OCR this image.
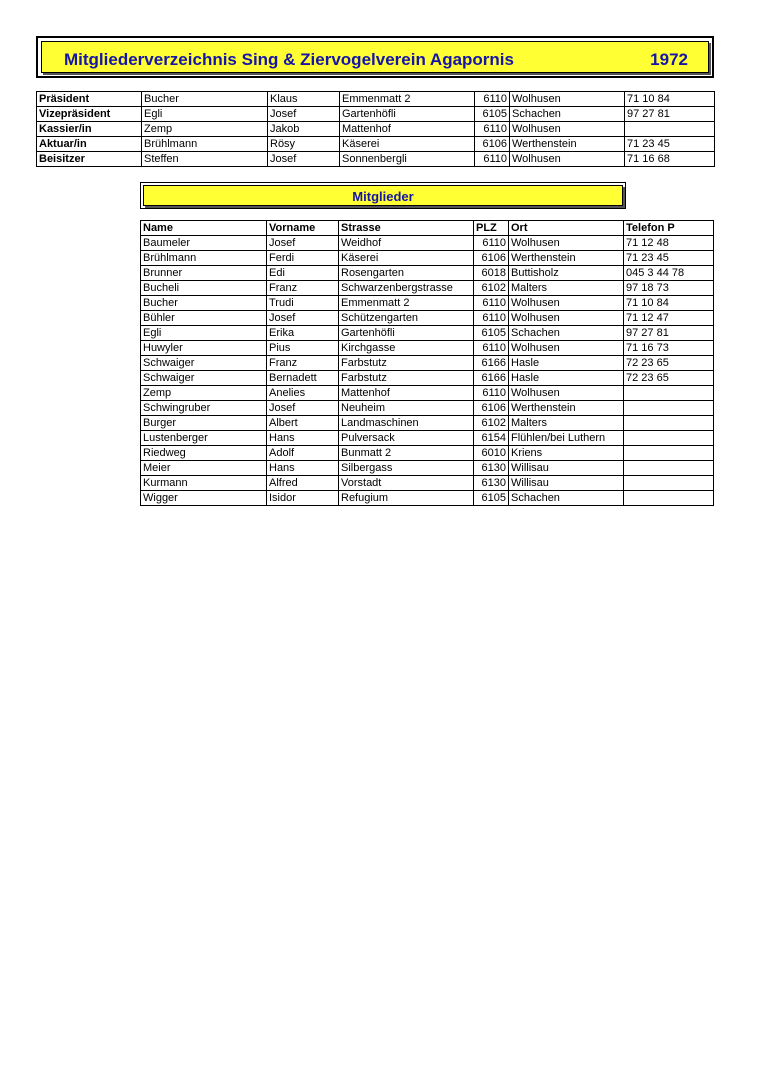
Mitgliederverzeichnis Sing & Ziervogelverein Agapornis	1972
Präsident	Bucher	Klaus	Emmenmatt 2	6110	Wolhusen	71 10 84
Vizepräsident	Egli	Josef	Gartenhöfli	6105	Schachen	97 27 81
Kassier/in	Zemp	Jakob	Mattenhof	6110	Wolhusen	
Aktuar/in	Brühlmann	Rösy	Käserei	6106	Werthenstein	71 23 45
Beisitzer	Steffen	Josef	Sonnenbergli	6110	Wolhusen	71 16 68
Mitglieder
Name	Vorname	Strasse	PLZ	Ort	Telefon P
Baumeler	Josef	Weidhof	6110	Wolhusen	71 12 48
Brühlmann	Ferdi	Käserei	6106	Werthenstein	71 23 45
Brunner	Edi	Rosengarten	6018	Buttisholz	045 3 44 78
Bucheli	Franz	Schwarzenbergstrasse	6102	Malters	97 18 73
Bucher	Trudi	Emmenmatt 2	6110	Wolhusen	71 10 84
Bühler	Josef	Schützengarten	6110	Wolhusen	71 12 47
Egli	Erika	Gartenhöfli	6105	Schachen	97 27 81
Huwyler	Pius	Kirchgasse	6110	Wolhusen	71 16 73
Schwaiger	Franz	Farbstutz	6166	Hasle	72 23 65
Schwaiger	Bernadett	Farbstutz	6166	Hasle	72 23 65
Zemp	Anelies	Mattenhof	6110	Wolhusen	
Schwingruber	Josef	Neuheim	6106	Werthenstein	
Burger	Albert	Landmaschinen	6102	Malters	
Lustenberger	Hans	Pulversack	6154	Flühlen/bei Luthern	
Riedweg	Adolf	Bunmatt 2	6010	Kriens	
Meier	Hans	Silbergass	6130	Willisau	
Kurmann	Alfred	Vorstadt	6130	Willisau	
Wigger	Isidor	Refugium	6105	Schachen	
